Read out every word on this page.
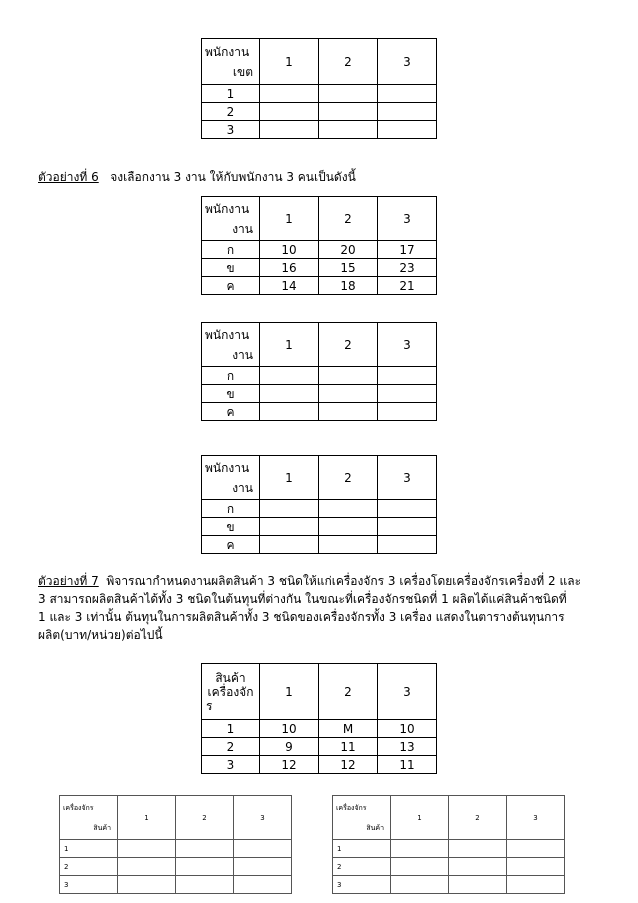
เขต
พนักงาน	1	2	3
1			
2			
3			
ตัวอย่างที่ 6 จงเลือกงาน 3 งาน ให้กับพนักงาน 3 คนเป็นดังนี้
งาน
พนักงาน	1	2	3
ก	10	20	17
ข	16	15	23
ค	14	18	21
งาน
พนักงาน	1	2	3
ก			
ข			
ค			
งาน
พนักงาน	1	2	3
ก			
ข			
ค			
ตัวอย่างที่ 7 พิจารณากำหนดงานผลิตสินค้า 3 ชนิดให้แก่เครื่องจักร 3 เครื่องโดยเครื่องจักรเครื่องที่ 2 และ
3 สามารถผลิตสินค้าได้ทั้ง 3 ชนิดในต้นทุนที่ต่างกัน ในขณะที่เครื่องจักรชนิดที่ 1 ผลิตได้แค่สินค้าชนิดที่
1 และ 3 เท่านั้น ต้นทุนในการผลิตสินค้าทั้ง 3 ชนิดของเครื่องจักรทั้ง 3 เครื่อง แสดงในตารางต้นทุนการ
ผลิต(บาท/หน่วย)ต่อไปนี้
สินค้า
เครื่องจัก
ร	1	2	3
1	10	M	10
2	9	11	13
3	12	12	11
สินค้า
เครื่องจักร	1	2	3
1			
2			
3			
สินค้า
เครื่องจักร	1	2	3
1			
2			
3			
